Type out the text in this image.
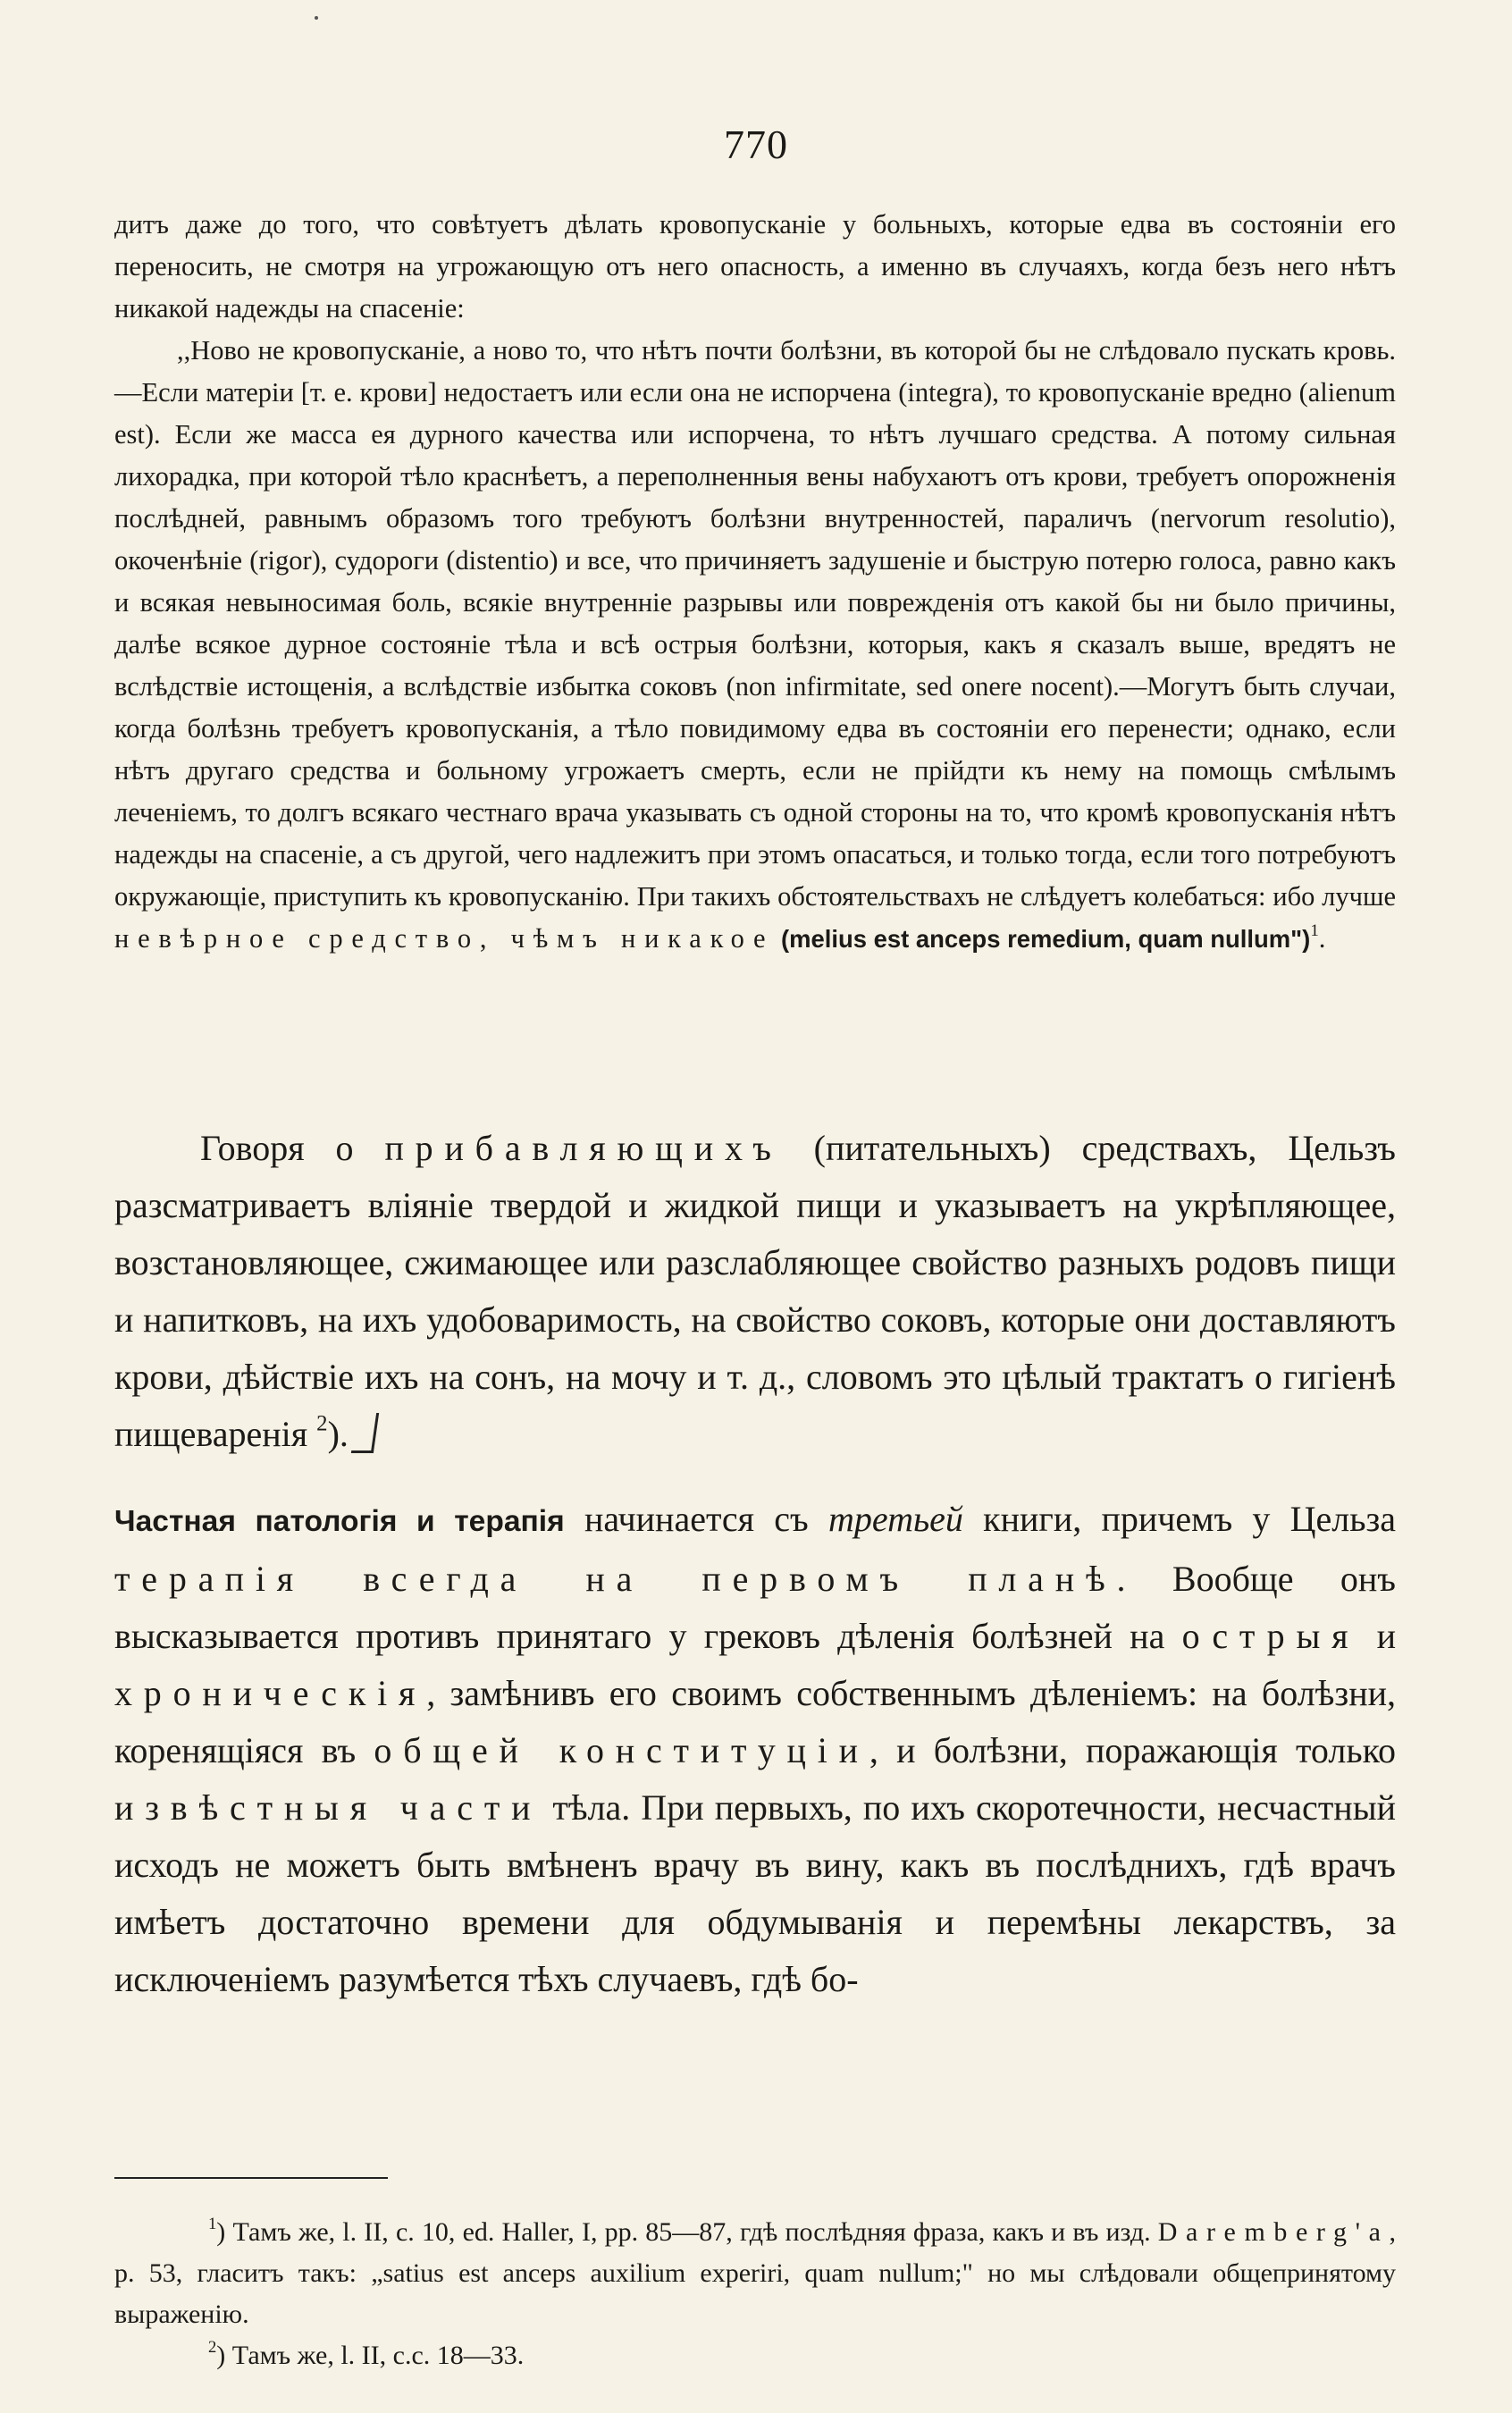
770

дитъ даже до того, что совѣтуетъ дѣлать кровопусканіе у больныхъ, которые едва въ состояніи его переносить, не смотря на угрожающую отъ него опасность, а именно въ случаяхъ, когда безъ него нѣтъ никакой надежды на спасеніе:

,,Ново не кровопусканіе, а ново то, что нѣтъ почти болѣзни, въ которой бы не слѣдовало пускать кровь.—Если матеріи [т. е. крови] недостаетъ или если она не испорчена (integra), то кровопусканіе вредно (alienum est). Если же масса ея дурного качества или испорчена, то нѣтъ лучшаго средства. А потому сильная лихорадка, при которой тѣло краснѣетъ, а переполненныя вены набухаютъ отъ крови, требуетъ опорожненія послѣдней, равнымъ образомъ того требуютъ болѣзни внутренностей, параличъ (nervorum resolutio), окоченѣніе (rigor), судороги (distentio) и все, что причиняетъ задушеніе и быструю потерю голоса, равно какъ и всякая невыносимая боль, всякіе внутренніе разрывы или поврежденія отъ какой бы ни было причины, далѣе всякое дурное состояніе тѣла и всѣ острыя болѣзни, которыя, какъ я сказалъ выше, вредятъ не вслѣдствіе истощенія, а вслѣдствіе избытка соковъ (non infirmitate, sed onere nocent).—Могутъ быть случаи, когда болѣзнь требуетъ кровопусканія, а тѣло повидимому едва въ состояніи его перенести; однако, если нѣтъ другаго средства и больному угрожаетъ смерть, если не прійдти къ нему на помощь смѣлымъ леченіемъ, то долгъ всякаго честнаго врача указывать съ одной стороны на то, что кромѣ кровопусканія нѣтъ надежды на спасеніе, а съ другой, чего надлежитъ при этомъ опасаться, и только тогда, если того потребуютъ окружающіе, приступить къ кровопусканію. При такихъ обстоятельствахъ не слѣдуетъ колебаться: ибо лучше невѣрное средство, чѣмъ никакое (melius est anceps remedium, quam nullum")$^1$.

Говоря о прибавляющихъ (питательныхъ) средствахъ, Цельзъ разсматриваетъ вліяніе твердой и жидкой пищи и указываетъ на укрѣпляющее, возстановляющее, сжимающее или разслабляющее свойство разныхъ родовъ пищи и напитковъ, на ихъ удобоваримость, на свойство соковъ, которые они доставляютъ крови, дѣйствіе ихъ на сонъ, на мочу и т. д., словомъ это цѣлый трактатъ о гигіенѣ пищеваренія $^2$).

Частная патологія и терапія начинается съ третьей книги, причемъ у Цельза терапія всегда на первомъ планѣ. Вообще онъ высказывается противъ принятаго у грековъ дѣленія болѣзней на острыя и хроническія, замѣнивъ его своимъ собственнымъ дѣленіемъ: на болѣзни, коренящіяся въ общей конституціи, и болѣзни, поражающія только извѣстныя части тѣла. При первыхъ, по ихъ скоротечности, несчастный исходъ не можетъ быть вмѣненъ врачу въ вину, какъ въ послѣднихъ, гдѣ врачъ имѣетъ достаточно времени для обдумыванія и перемѣны лекарствъ, за исключеніемъ разумѣется тѣхъ случаевъ, гдѣ бо-

$^1$) Тамъ же, l. II, c. 10, ed. Haller, I, pp. 85—87, гдѣ послѣдняя фраза, какъ и въ изд. Daremberg'a, p. 53, гласитъ такъ: „satius est anceps auxilium experiri, quam nullum;" но мы слѣдовали общепринятому выраженію.

$^2$) Тамъ же, l. II, c.c. 18—33.
